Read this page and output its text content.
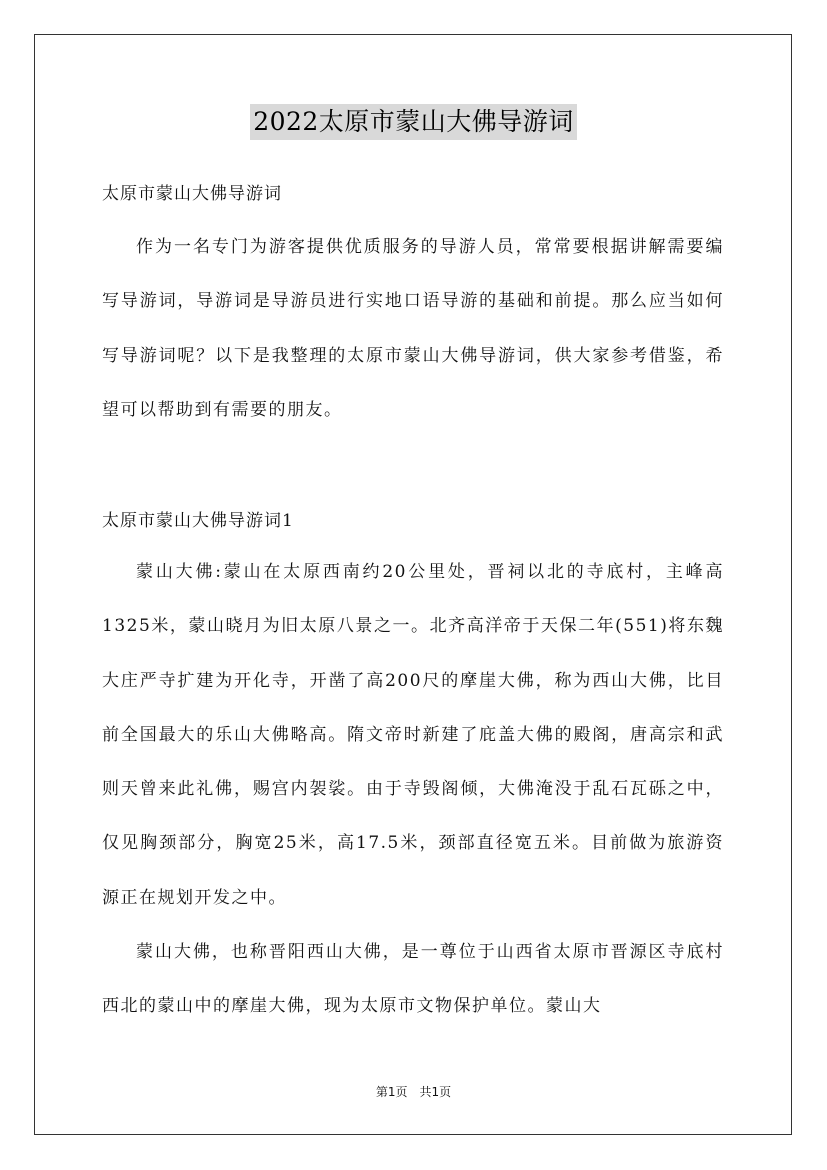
2022太原市蒙山大佛导游词
太原市蒙山大佛导游词

作为一名专门为游客提供优质服务的导游人员，常常要根据讲解需要编写导游词，导游词是导游员进行实地口语导游的基础和前提。那么应当如何写导游词呢？以下是我整理的太原市蒙山大佛导游词，供大家参考借鉴，希望可以帮助到有需要的朋友。

太原市蒙山大佛导游词1

蒙山大佛:蒙山在太原西南约20公里处，晋祠以北的寺底村，主峰高1325米，蒙山晓月为旧太原八景之一。北齐高洋帝于天保二年(551)将东魏大庄严寺扩建为开化寺，开凿了高200尺的摩崖大佛，称为西山大佛，比目前全国最大的乐山大佛略高。隋文帝时新建了庇盖大佛的殿阁，唐高宗和武则天曾来此礼佛，赐宫内袈裟。由于寺毁阁倾，大佛淹没于乱石瓦砾之中，仅见胸颈部分，胸宽25米，高17.5米，颈部直径宽五米。目前做为旅游资源正在规划开发之中。

蒙山大佛，也称晋阳西山大佛，是一尊位于山西省太原市晋源区寺底村西北的蒙山中的摩崖大佛，现为太原市文物保护单位。蒙山大

第1页　共1页
